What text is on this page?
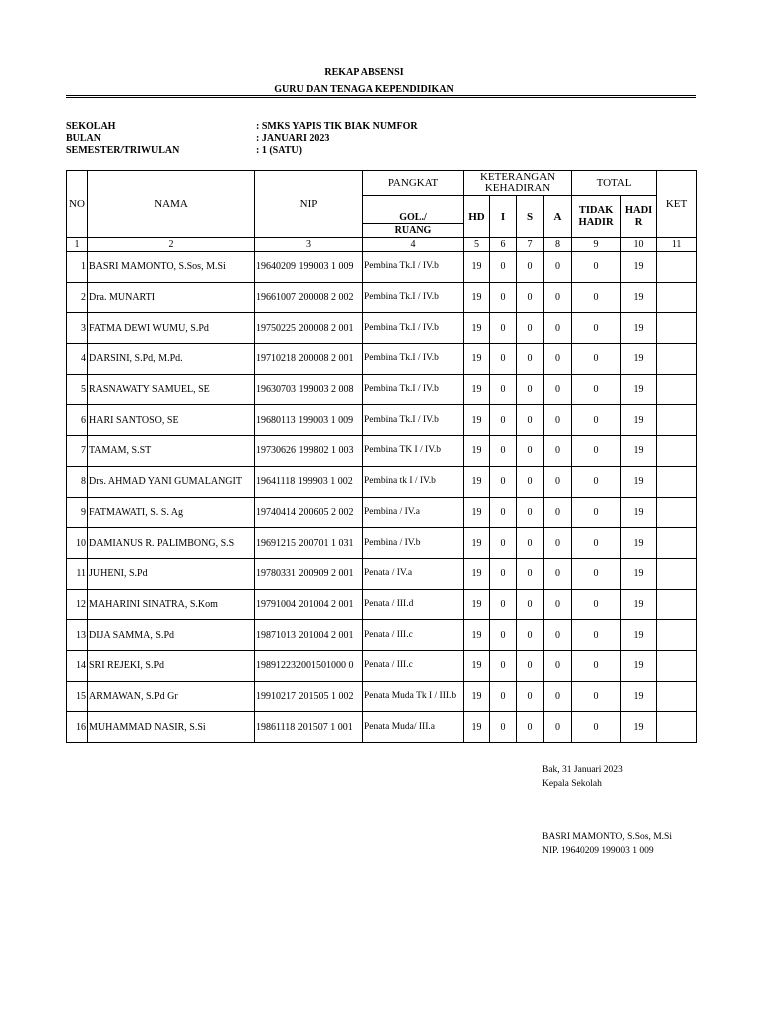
REKAP ABSENSI
GURU DAN TENAGA KEPENDIDIKAN
SEKOLAH	: SMKS YAPIS TIK BIAK NUMFOR
BULAN	: JANUARI 2023
SEMESTER/TRIWULAN	: 1 (SATU)
NO	NAMA	NIP	PANGKAT	KETERANGAN KEHADIRAN				TOTAL		KET
			GOL./	HD	I	S	A	TIDAK HADIR	HADI R	
			RUANG							
1	2	3	4	5	6	7	8	9	10	11
1	BASRI MAMONTO, S.Sos, M.Si	19640209 199003 1 009	Pembina Tk.I / IV.b	19	0	0	0	0	19	
2	Dra. MUNARTI	19661007 200008 2 002	Pembina Tk.I / IV.b	19	0	0	0	0	19	
3	FATMA DEWI WUMU, S.Pd	19750225 200008 2 001	Pembina Tk.I / IV.b	19	0	0	0	0	19	
4	DARSINI, S.Pd, M.Pd.	19710218 200008 2 001	Pembina Tk.I / IV.b	19	0	0	0	0	19	
5	RASNAWATY SAMUEL, SE	19630703 199003 2 008	Pembina Tk.I / IV.b	19	0	0	0	0	19	
6	HARI SANTOSO, SE	19680113 199003 1 009	Pembina Tk.I / IV.b	19	0	0	0	0	19	
7	TAMAM, S.ST	19730626 199802 1 003	Pembina TK I / IV.b	19	0	0	0	0	19	
8	Drs. AHMAD YANI GUMALANGIT	19641118 199903 1 002	Pembina tk I / IV.b	19	0	0	0	0	19	
9	FATMAWATI, S. S. Ag	19740414 200605 2 002	Pembina / IV.a	19	0	0	0	0	19	
10	DAMIANUS R. PALIMBONG, S.S	19691215 200701 1 031	Pembina / IV.b	19	0	0	0	0	19	
11	JUHENI, S.Pd	19780331 200909 2 001	Penata / IV.a	19	0	0	0	0	19	
12	MAHARINI SINATRA, S.Kom	19791004 201004 2 001	Penata / III.d	19	0	0	0	0	19	
13	DIJA SAMMA, S.Pd	19871013 201004 2 001	Penata / III.c	19	0	0	0	0	19	
14	SRI REJEKI, S.Pd	198912232001501000 0	Penata / III.c	19	0	0	0	0	19	
15	ARMAWAN, S.Pd Gr	19910217 201505 1 002	Penata Muda Tk I / III.b	19	0	0	0	0	19	
16	MUHAMMAD NASIR, S.Si	19861118 201507 1 001	Penata Muda/ III.a	19	0	0	0	0	19	
Bak, 31 Januari 2023
Kepala Sekolah
BASRI MAMONTO, S.Sos, M.Si
NIP. 19640209 199003 1 009
